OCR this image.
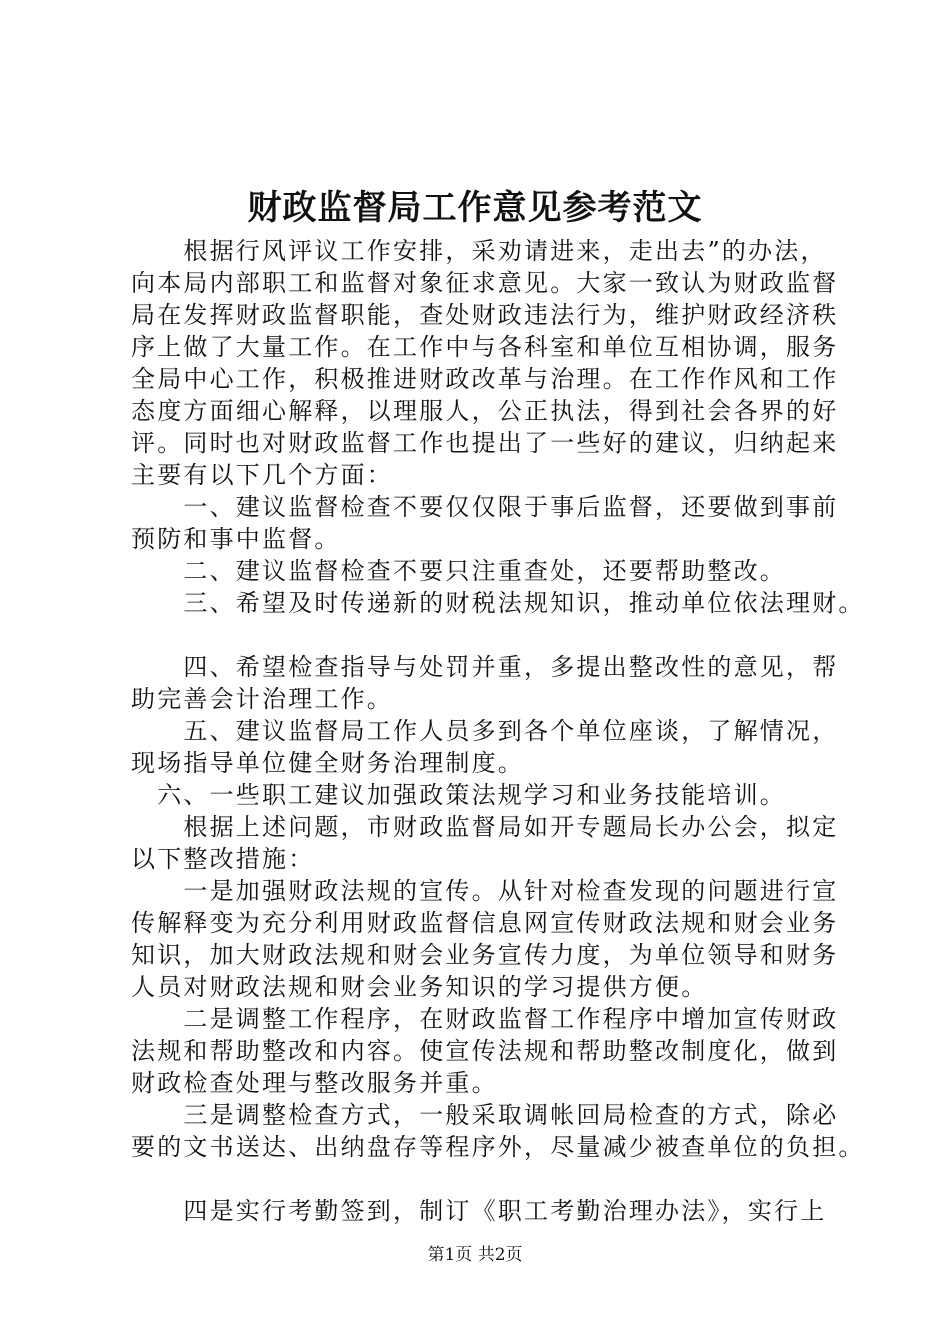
财政监督局工作意见参考范文
　　根据行风评议工作安排，采劝请进来，走出去”的办法，
向本局内部职工和监督对象征求意见。大家一致认为财政监督
局在发挥财政监督职能，查处财政违法行为，维护财政经济秩
序上做了大量工作。在工作中与各科室和单位互相协调，服务
全局中心工作，积极推进财政改革与治理。在工作作风和工作
态度方面细心解释，以理服人，公正执法，得到社会各界的好
评。同时也对财政监督工作也提出了一些好的建议，归纳起来
主要有以下几个方面：
　　一、建议监督检查不要仅仅限于事后监督，还要做到事前
预防和事中监督。
　　二、建议监督检查不要只注重查处，还要帮助整改。
　　三、希望及时传递新的财税法规知识，推动单位依法理财。
　　四、希望检查指导与处罚并重，多提出整改性的意见，帮
助完善会计治理工作。
　　五、建议监督局工作人员多到各个单位座谈，了解情况，
现场指导单位健全财务治理制度。
　六、一些职工建议加强政策法规学习和业务技能培训。
　　根据上述问题，市财政监督局如开专题局长办公会，拟定
以下整改措施：
　　一是加强财政法规的宣传。从针对检查发现的问题进行宣
传解释变为充分利用财政监督信息网宣传财政法规和财会业务
知识，加大财政法规和财会业务宣传力度，为单位领导和财务
人员对财政法规和财会业务知识的学习提供方便。
　　二是调整工作程序，在财政监督工作程序中增加宣传财政
法规和帮助整改和内容。使宣传法规和帮助整改制度化，做到
财政检查处理与整改服务并重。
　　三是调整检查方式，一般采取调帐回局检查的方式，除必
要的文书送达、出纳盘存等程序外，尽量减少被查单位的负担。
　　四是实行考勤签到，制订《职工考勤治理办法》，实行上
第1页 共2页
